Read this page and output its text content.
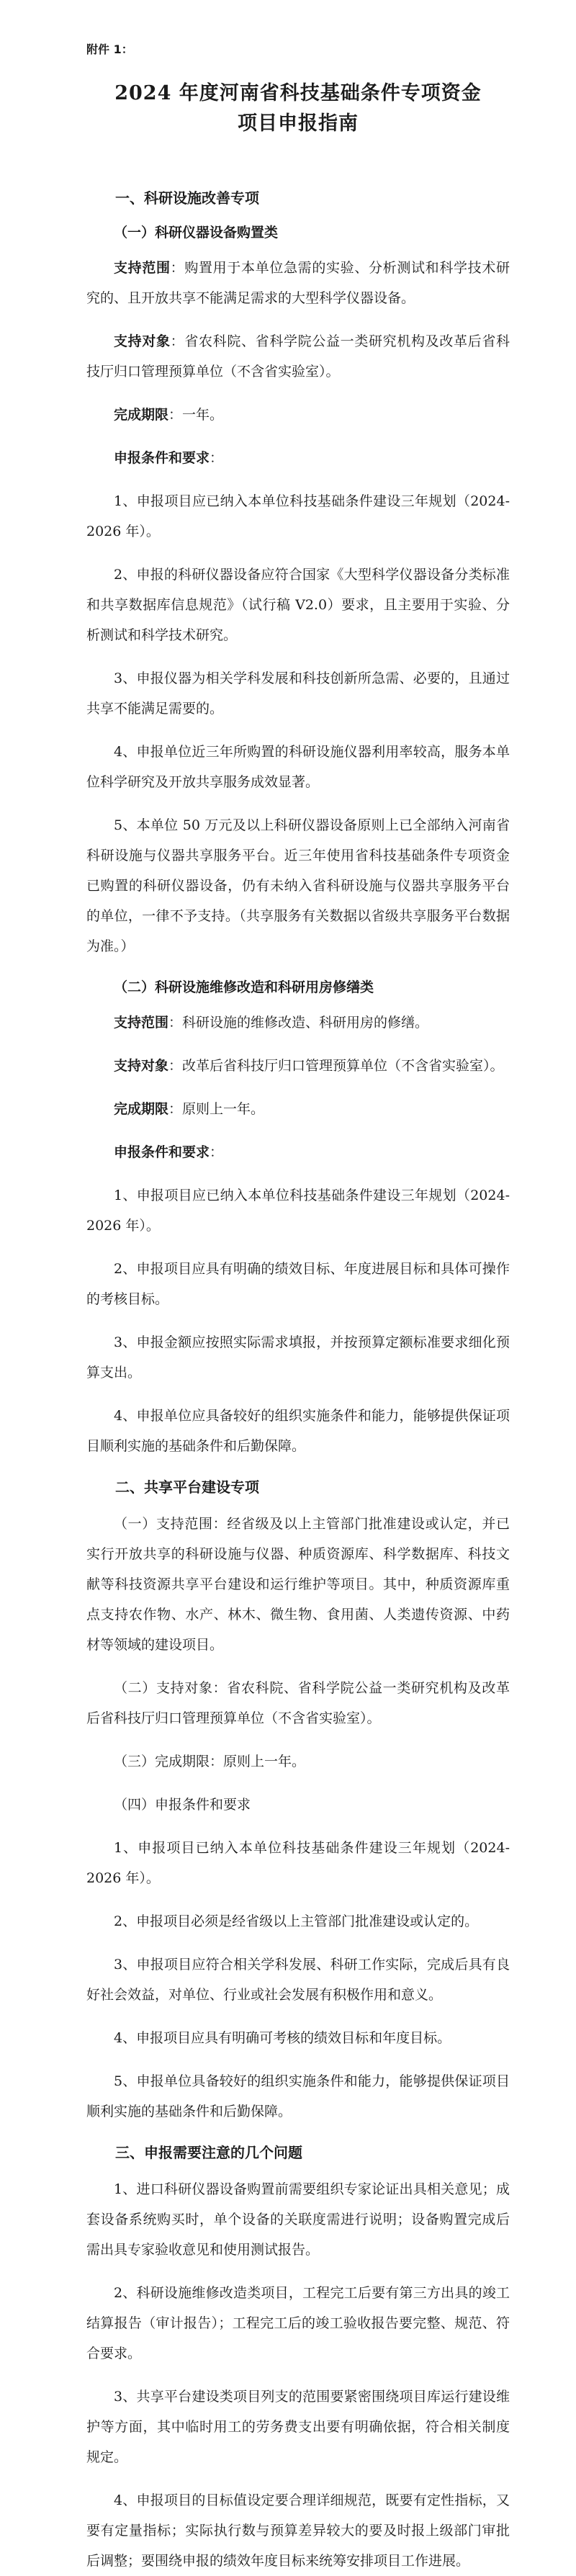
附件 1：
2024 年度河南省科技基础条件专项资金
项目申报指南
一、科研设施改善专项
（一）科研仪器设备购置类
支持范围：购置用于本单位急需的实验、分析测试和科学技术研究的、且开放共享不能满足需求的大型科学仪器设备。
支持对象：省农科院、省科学院公益一类研究机构及改革后省科技厅归口管理预算单位（不含省实验室）。
完成期限：一年。
申报条件和要求：
1、申报项目应已纳入本单位科技基础条件建设三年规划（2024-2026 年）。
2、申报的科研仪器设备应符合国家《大型科学仪器设备分类标准和共享数据库信息规范》（试行稿 V2.0）要求，且主要用于实验、分析测试和科学技术研究。
3、申报仪器为相关学科发展和科技创新所急需、必要的，且通过共享不能满足需要的。
4、申报单位近三年所购置的科研设施仪器利用率较高，服务本单位科学研究及开放共享服务成效显著。
5、本单位 50 万元及以上科研仪器设备原则上已全部纳入河南省科研设施与仪器共享服务平台。近三年使用省科技基础条件专项资金已购置的科研仪器设备，仍有未纳入省科研设施与仪器共享服务平台的单位，一律不予支持。（共享服务有关数据以省级共享服务平台数据为准。）
（二）科研设施维修改造和科研用房修缮类
支持范围：科研设施的维修改造、科研用房的修缮。
支持对象：改革后省科技厅归口管理预算单位（不含省实验室）。
完成期限：原则上一年。
申报条件和要求：
1、申报项目应已纳入本单位科技基础条件建设三年规划（2024-2026 年）。
2、申报项目应具有明确的绩效目标、年度进展目标和具体可操作的考核目标。
3、申报金额应按照实际需求填报，并按预算定额标准要求细化预算支出。
4、申报单位应具备较好的组织实施条件和能力，能够提供保证项目顺利实施的基础条件和后勤保障。
二、共享平台建设专项
（一）支持范围：经省级及以上主管部门批准建设或认定，并已实行开放共享的科研设施与仪器、种质资源库、科学数据库、科技文献等科技资源共享平台建设和运行维护等项目。其中，种质资源库重点支持农作物、水产、林木、微生物、食用菌、人类遗传资源、中药材等领域的建设项目。
（二）支持对象：省农科院、省科学院公益一类研究机构及改革后省科技厅归口管理预算单位（不含省实验室）。
（三）完成期限：原则上一年。
（四）申报条件和要求
1、申报项目已纳入本单位科技基础条件建设三年规划（2024-2026 年）。
2、申报项目必须是经省级以上主管部门批准建设或认定的。
3、申报项目应符合相关学科发展、科研工作实际，完成后具有良好社会效益，对单位、行业或社会发展有积极作用和意义。
4、申报项目应具有明确可考核的绩效目标和年度目标。
5、申报单位具备较好的组织实施条件和能力，能够提供保证项目顺利实施的基础条件和后勤保障。
三、申报需要注意的几个问题
1、进口科研仪器设备购置前需要组织专家论证出具相关意见；成套设备系统购买时，单个设备的关联度需进行说明；设备购置完成后需出具专家验收意见和使用测试报告。
2、科研设施维修改造类项目，工程完工后要有第三方出具的竣工结算报告（审计报告）；工程完工后的竣工验收报告要完整、规范、符合要求。
3、共享平台建设类项目列支的范围要紧密围绕项目库运行建设维护等方面，其中临时用工的劳务费支出要有明确依据，符合相关制度规定。
4、申报项目的目标值设定要合理详细规范，既要有定性指标，又要有定量指标；实际执行数与预算差异较大的要及时报上级部门审批后调整；要围绕申报的绩效年度目标来统筹安排项目工作进展。
